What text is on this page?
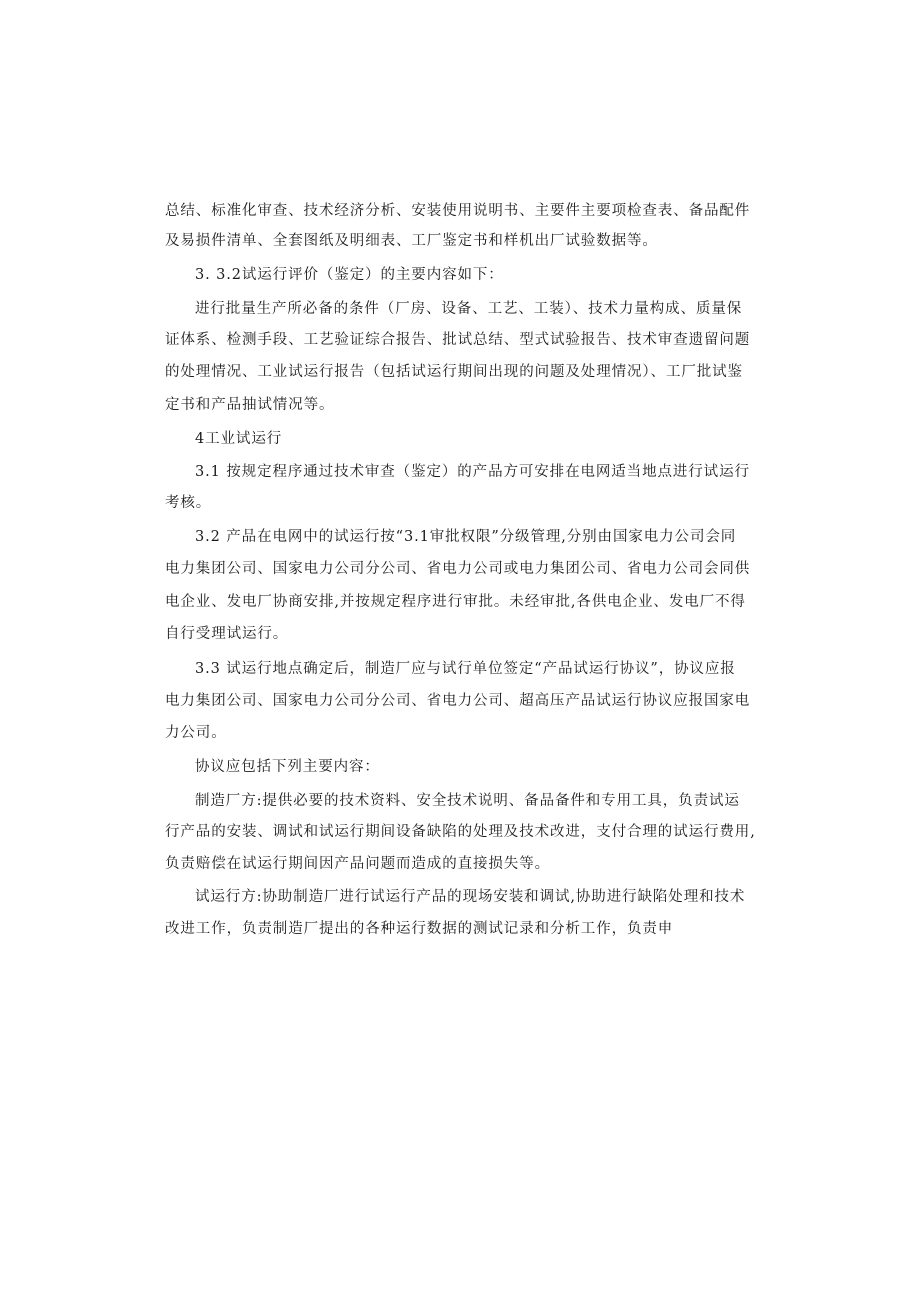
总结、标准化审查、技术经济分析、安装使用说明书、主要件主要项检查表、备品配件
及易损件清单、全套图纸及明细表、工厂鉴定书和样机出厂试验数据等。
3. 3.2试运行评价（鉴定）的主要内容如下：
进行批量生产所必备的条件（厂房、设备、工艺、工装）、技术力量构成、质量保
证体系、检测手段、工艺验证综合报告、批试总结、型式试验报告、技术审查遗留问题
的处理情况、工业试运行报告（包括试运行期间出现的问题及处理情况）、工厂批试鉴
定书和产品抽试情况等。
4工业试运行
3.1 按规定程序通过技术审查（鉴定）的产品方可安排在电网适当地点进行试运行
考核。
3.2 产品在电网中的试运行按“3.1审批权限”分级管理,分别由国家电力公司会同
电力集团公司、国家电力公司分公司、省电力公司或电力集团公司、省电力公司会同供
电企业、发电厂协商安排,并按规定程序进行审批。未经审批,各供电企业、发电厂不得
自行受理试运行。
3.3 试运行地点确定后，制造厂应与试行单位签定“产品试运行协议”，协议应报
电力集团公司、国家电力公司分公司、省电力公司、超高压产品试运行协议应报国家电
力公司。
协议应包括下列主要内容：
制造厂方:提供必要的技术资料、安全技术说明、备品备件和专用工具，负责试运
行产品的安装、调试和试运行期间设备缺陷的处理及技术改进，支付合理的试运行费用,
负责赔偿在试运行期间因产品问题而造成的直接损失等。
试运行方:协助制造厂进行试运行产品的现场安装和调试,协助进行缺陷处理和技术
改进工作，负责制造厂提出的各种运行数据的测试记录和分析工作，负责申
